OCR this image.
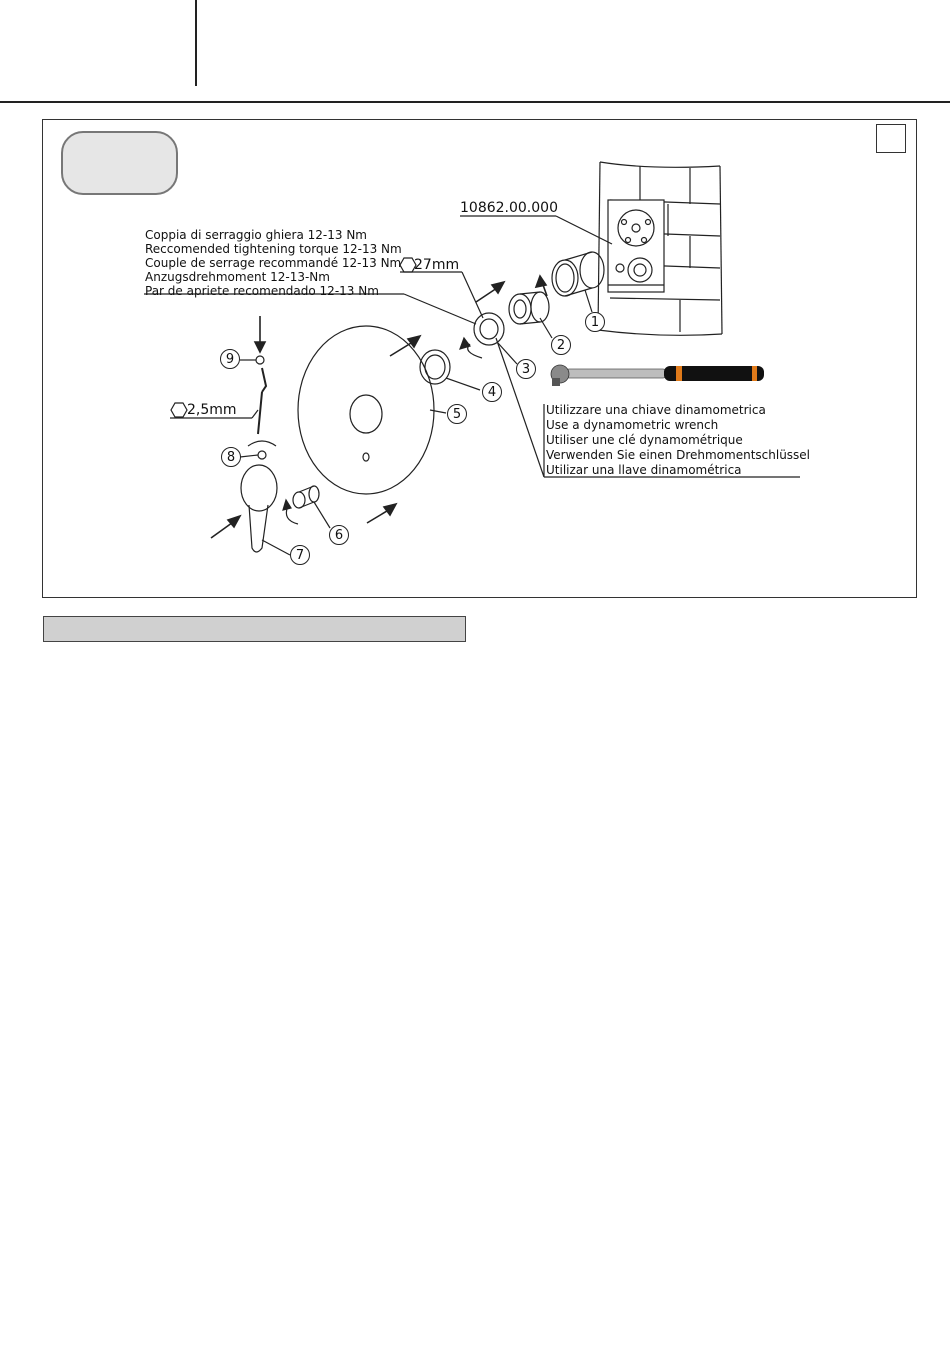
10862.00.000
Coppia di serraggio ghiera 12-13 Nm
Reccomended tightening torque 12-13 Nm
Couple de serrage recommandé 12-13 Nm
Anzugsdrehmoment 12-13-Nm
Par de apriete recomendado 12-13 Nm
27mm
2,5mm	Utilizzare una chiave dinamometrica
Use a dynamometric wrench
Utiliser une clé dynamométrique
Verwenden Sie einen Drehmomentschlüssel
Utilizar una llave dinamométrica
1
2
3
4
5
6
7
8
9
